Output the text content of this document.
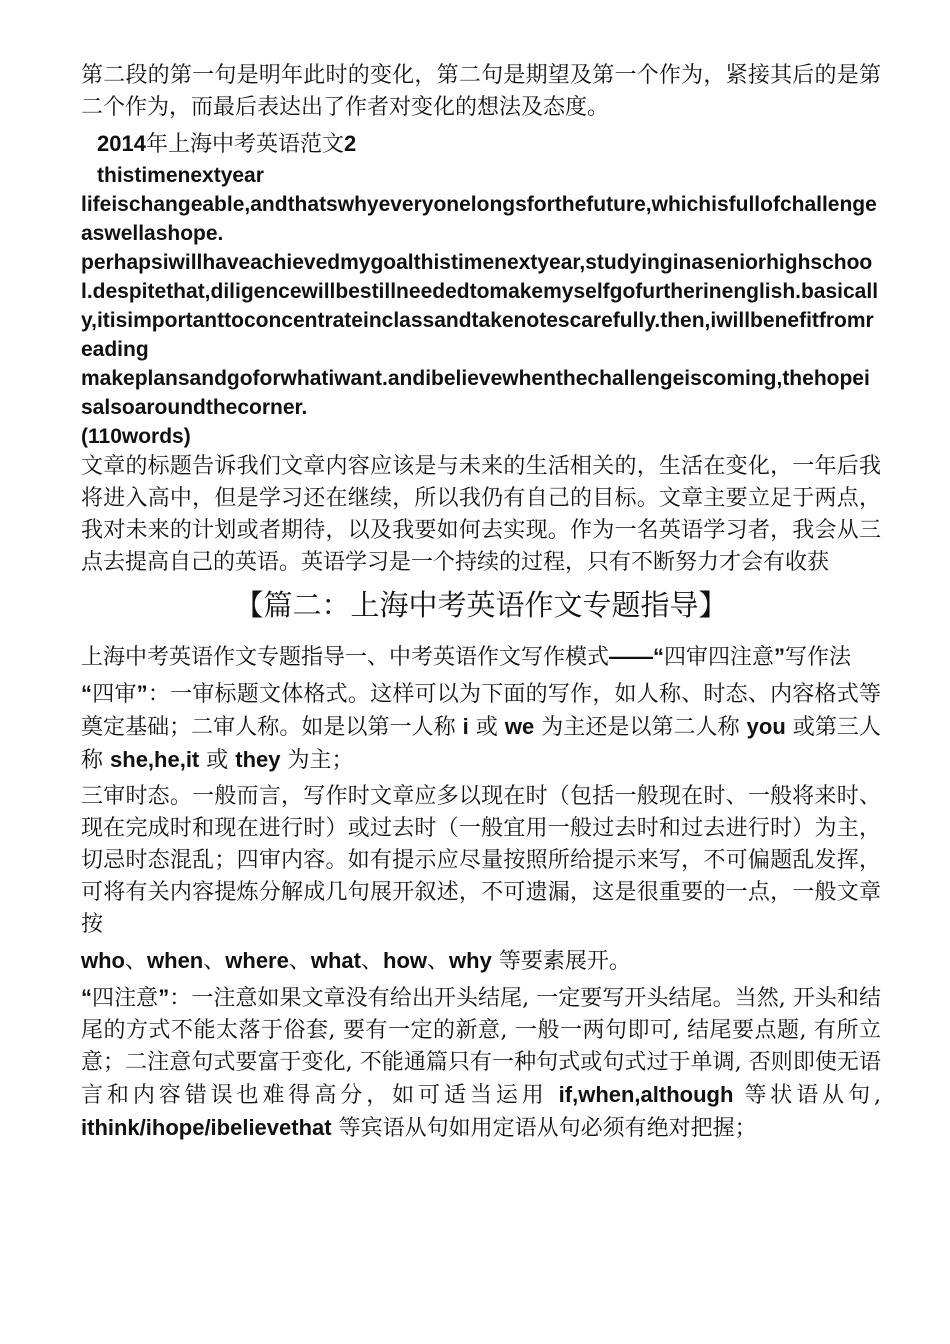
第二段的第一句是明年此时的变化，第二句是期望及第一个作为，紧接其后的是第二个作为，而最后表达出了作者对变化的想法及态度。

2014年上海中考英语范文2

thistimenextyear

lifeischangeable,andthatswhyeveryonelongsforthefuture,whichisfullofchallengeaswellashope.

perhapsiwillhaveachievedmygoalthistimenextyear,studyinginaseniorhighschool.despitethat,diligencewillbestillneededtomakemyselfgofurtherinenglish.basically,itisimportanttoconcentrateinclassandtakenotescarefully.then,iwillbenefitfromreading

makeplansandgoforwhatiwant.andibelievewhenthechallengeiscoming,thehopeisalsoaroundthecorner.

(110words)

文章的标题告诉我们文章内容应该是与未来的生活相关的，生活在变化，一年后我将进入高中，但是学习还在继续，所以我仍有自己的目标。文章主要立足于两点，我对未来的计划或者期待，以及我要如何去实现。作为一名英语学习者，我会从三点去提高自己的英语。英语学习是一个持续的过程，只有不断努力才会有收获

【篇二：上海中考英语作文专题指导】

上海中考英语作文专题指导一、中考英语作文写作模式——“四审四注意”写作法

“四审”：一审标题文体格式。这样可以为下面的写作，如人称、时态、内容格式等奠定基础；二审人称。如是以第一人称 i 或 we 为主还是以第二人称 you 或第三人称 she,he,it 或 they 为主；

三审时态。一般而言，写作时文章应多以现在时（包括一般现在时、一般将来时、现在完成时和现在进行时）或过去时（一般宜用一般过去时和过去进行时）为主，切忌时态混乱；四审内容。如有提示应尽量按照所给提示来写，不可偏题乱发挥，可将有关内容提炼分解成几句展开叙述，不可遗漏，这是很重要的一点，一般文章按

who、when、where、what、how、why 等要素展开。

“四注意”：一注意如果文章没有给出开头结尾, 一定要写开头结尾。当然, 开头和结尾的方式不能太落于俗套, 要有一定的新意, 一般一两句即可, 结尾要点题, 有所立意；二注意句式要富于变化, 不能通篇只有一种句式或句式过于单调, 否则即使无语言和内容错误也难得高分，如可适当运用 if,when,although 等状语从句, ithink/ihope/ibelievethat 等宾语从句如用定语从句必须有绝对把握；
